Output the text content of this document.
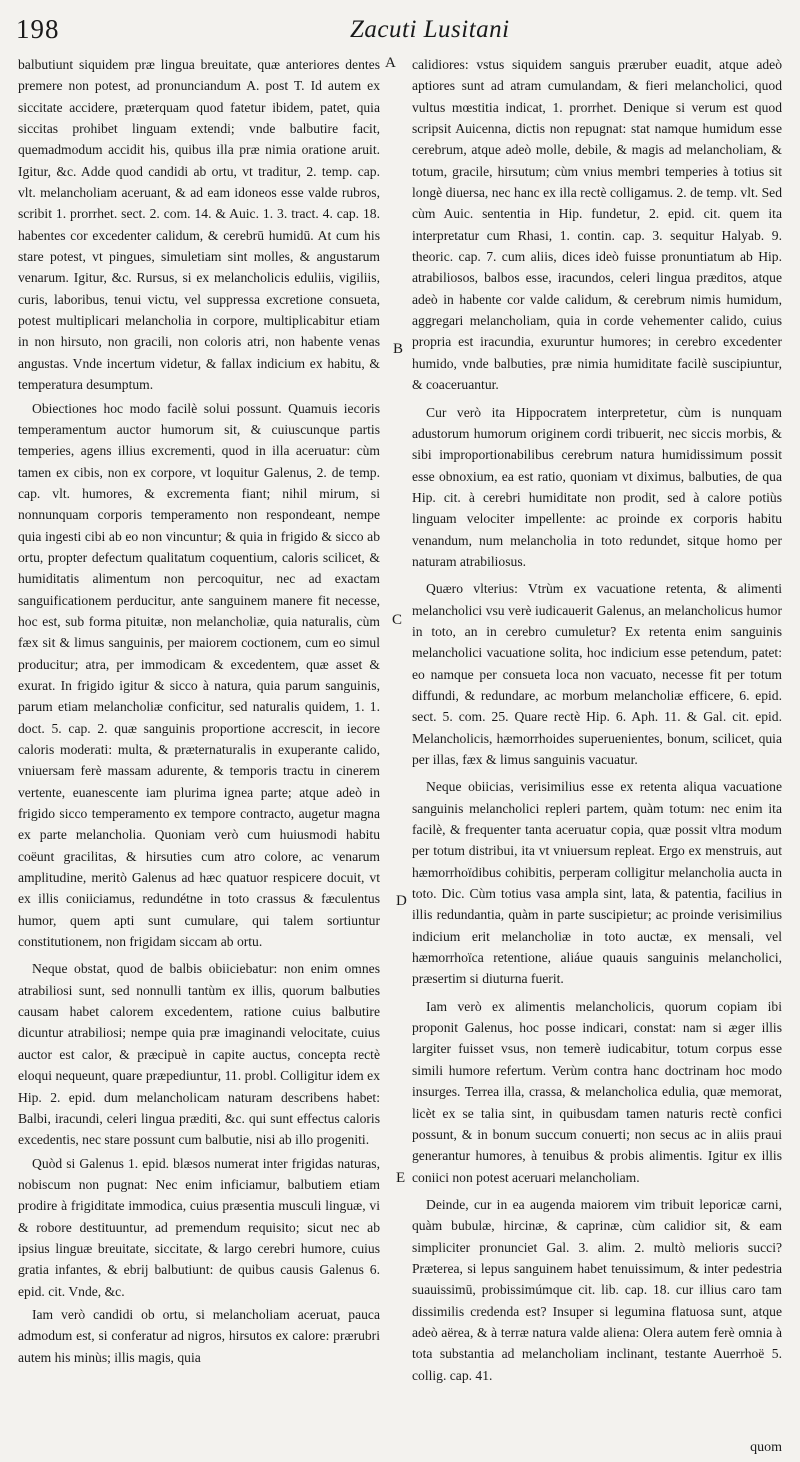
198	Zacuti Lusitani

balbutiunt siquidem præ lingua breuitate, quæ anteriores dentes premere non potest, ad pronunciandum A. post T. Id autem ex siccitate accidere, præterquam quod fatetur ibidem, patet, quia siccitas prohibet linguam extendi; vnde balbutire facit, quemadmodum accidit his, quibus illa præ nimia oratione aruit. Igitur, &c. Adde quod candidi ab ortu, vt traditur, 2. temp. cap. vlt. melancholiam aceruant, & ad eam idoneos esse valde rubros, scribit 1. prorrhet. sect. 2. com. 14. & Auic. 1. 3. tract. 4. cap. 18. habentes cor excedenter calidum, & cerebrū humidū. At cum his stare potest, vt pingues, simuletiam sint molles, & angustarum venarum. Igitur, &c. Rursus, si ex melancholicis eduliis, vigiliis, curis, laboribus, tenui victu, vel suppressa excretione consueta, potest multiplicari melancholia in corpore, multiplicabitur etiam in non hirsuto, non gracili, non coloris atri, non habente venas angustas. Vnde incertum videtur, & fallax indicium ex habitu, & temperatura desumptum.

Obiectiones hoc modo facilè solui possunt. Quamuis iecoris temperamentum auctor humorum sit, & cuiuscunque partis temperies, agens illius excrementi, quod in illa aceruatur: cùm tamen ex cibis, non ex corpore, vt loquitur Galenus, 2. de temp. cap. vlt. humores, & excrementa fiant; nihil mirum, si nonnunquam corporis temperamento non respondeant, nempe quia ingesti cibi ab eo non vincuntur; & quia in frigido & sicco ab ortu, propter defectum qualitatum coquentium, caloris scilicet, & humiditatis alimentum non percoquitur, nec ad exactam sanguificationem perducitur, ante sanguinem manere fit necesse, hoc est, sub forma pituitæ, non melancholiæ, quia naturalis, cùm fæx sit & limus sanguinis, per maiorem coctionem, cum eo simul producitur; atra, per immodicam & excedentem, quæ asset & exurat. In frigido igitur & sicco à natura, quia parum sanguinis, parum etiam melancholiæ conficitur, sed naturalis quidem, 1. 1. doct. 5. cap. 2. quæ sanguinis proportione accrescit, in iecore caloris moderati: multa, & præternaturalis in exuperante calido, vniuersam ferè massam adurente, & temporis tractu in cinerem vertente, euanescente iam plurima ignea parte; atque adeò in frigido sicco temperamento ex tempore contracto, augetur magna ex parte melancholia. Quoniam verò cum huiusmodi habitu coëunt gracilitas, & hirsuties cum atro colore, ac venarum amplitudine, meritò Galenus ad hæc quatuor respicere docuit, vt ex illis coniiciamus, redundétne in toto crassus & fæculentus humor, quem apti sunt cumulare, qui talem sortiuntur constitutionem, non frigidam siccam ab ortu.

Neque obstat, quod de balbis obiiciebatur: non enim omnes atrabiliosi sunt, sed nonnulli tantùm ex illis, quorum balbuties causam habet calorem excedentem, ratione cuius balbutire dicuntur atrabiliosi; nempe quia præ imaginandi velocitate, cuius auctor est calor, & præcipuè in capite auctus, concepta rectè eloqui nequeunt, quare præpediuntur, 11. probl. Colligitur idem ex Hip. 2. epid. dum melancholicam naturam describens habet: Balbi, iracundi, celeri lingua præditi, &c. qui sunt effectus caloris excedentis, nec stare possunt cum balbutie, nisi ab illo progeniti.

Quòd si Galenus 1. epid. blæsos numerat inter frigidas naturas, nobiscum non pugnat: Nec enim inficiamur, balbutiem etiam prodire à frigiditate immodica, cuius præsentia musculi linguæ, vi & robore destituuntur, ad premendum requisito; sicut nec ab ipsius linguæ breuitate, siccitate, & largo cerebri humore, cuius gratia infantes, & ebrij balbutiunt: de quibus causis Galenus 6. epid. cit. Vnde, &c.

Iam verò candidi ob ortu, si melancholiam aceruat, pauca admodum est, si conferatur ad nigros, hirsutos ex calore: prærubri autem his minùs; illis magis, quia

A
B
C
D
E

calidiores: vstus siquidem sanguis præruber euadit, atque adeò aptiores sunt ad atram cumulandam, & fieri melancholici, quod vultus mœstitia indicat, 1. prorrhet. Denique si verum est quod scripsit Auicenna, dictis non repugnat: stat namque humidum esse cerebrum, atque adeò molle, debile, & magis ad melancholiam, & totum, gracile, hirsutum; cùm vnius membri temperies à totius sit longè diuersa, nec hanc ex illa rectè colligamus. 2. de temp. vlt. Sed cùm Auic. sententia in Hip. fundetur, 2. epid. cit. quem ita interpretatur cum Rhasi, 1. contin. cap. 3. sequitur Halyab. 9. theoric. cap. 7. cum aliis, dices ideò fuisse pronuntiatum ab Hip. atrabiliosos, balbos esse, iracundos, celeri lingua præditos, atque adeò in habente cor valde calidum, & cerebrum nimis humidum, aggregari melancholiam, quia in corde vehementer calido, cuius propria est iracundia, exuruntur humores; in cerebro excedenter humido, vnde balbuties, præ nimia humiditate facilè suscipiuntur, & coaceruantur.

Cur verò ita Hippocratem interpretetur, cùm is nunquam adustorum humorum originem cordi tribuerit, nec siccis morbis, & sibi improportionabilibus cerebrum natura humidissimum possit esse obnoxium, ea est ratio, quoniam vt diximus, balbuties, de qua Hip. cit. à cerebri humiditate non prodit, sed à calore potiùs linguam velociter impellente: ac proinde ex corporis habitu venandum, num melancholia in toto redundet, sitque homo per naturam atrabiliosus.

Quæro vlterius: Vtrùm ex vacuatione retenta, & alimenti melancholici vsu verè iudicauerit Galenus, an melancholicus humor in toto, an in cerebro cumuletur? Ex retenta enim sanguinis melancholici vacuatione solita, hoc indicium esse petendum, patet: eo namque per consueta loca non vacuato, necesse fit per totum diffundi, & redundare, ac morbum melancholiæ efficere, 6. epid. sect. 5. com. 25. Quare rectè Hip. 6. Aph. 11. & Gal. cit. epid. Melancholicis, hæmorrhoides superuenientes, bonum, scilicet, quia per illas, fæx & limus sanguinis vacuatur.

Neque obiicias, verisimilius esse ex retenta aliqua vacuatione sanguinis melancholici repleri partem, quàm totum: nec enim ita facilè, & frequenter tanta aceruatur copia, quæ possit vltra modum per totum distribui, ita vt vniuersum repleat. Ergo ex menstruis, aut hæmorrhoïdibus cohibitis, perperam colligitur melancholia aucta in toto. Dic. Cùm totius vasa ampla sint, lata, & patentia, facilius in illis redundantia, quàm in parte suscipietur; ac proinde verisimilius indicium erit melancholiæ in toto auctæ, ex mensali, vel hæmorrhoïca retentione, aliáue quauis sanguinis melancholici, præsertim si diuturna fuerit.

Iam verò ex alimentis melancholicis, quorum copiam ibi proponit Galenus, hoc posse indicari, constat: nam si æger illis largiter fuisset vsus, non temerè iudicabitur, totum corpus esse simili humore refertum. Verùm contra hanc doctrinam hoc modo insurges. Terrea illa, crassa, & melancholica edulia, quæ memorat, licèt ex se talia sint, in quibusdam tamen naturis rectè confici possunt, & in bonum succum conuerti; non secus ac in aliis praui generantur humores, à tenuibus & probis alimentis. Igitur ex illis coniici non potest aceruari melancholiam.

Deinde, cur in ea augenda maiorem vim tribuit leporicæ carni, quàm bubulæ, hircinæ, & caprinæ, cùm calidior sit, & eam simpliciter pronunciet Gal. 3. alim. 2. multò melioris succi? Præterea, si lepus sanguinem habet tenuissimum, & inter pedestria suauissimū, probissimúmque cit. lib. cap. 18. cur illius caro tam dissimilis credenda est? Insuper si legumina flatuosa sunt, atque adeò aërea, & à terræ natura valde aliena: Olera autem ferè omnia à tota substantia ad melancholiam inclinant, testante Auerrhoë 5. collig. cap. 41.

quom
